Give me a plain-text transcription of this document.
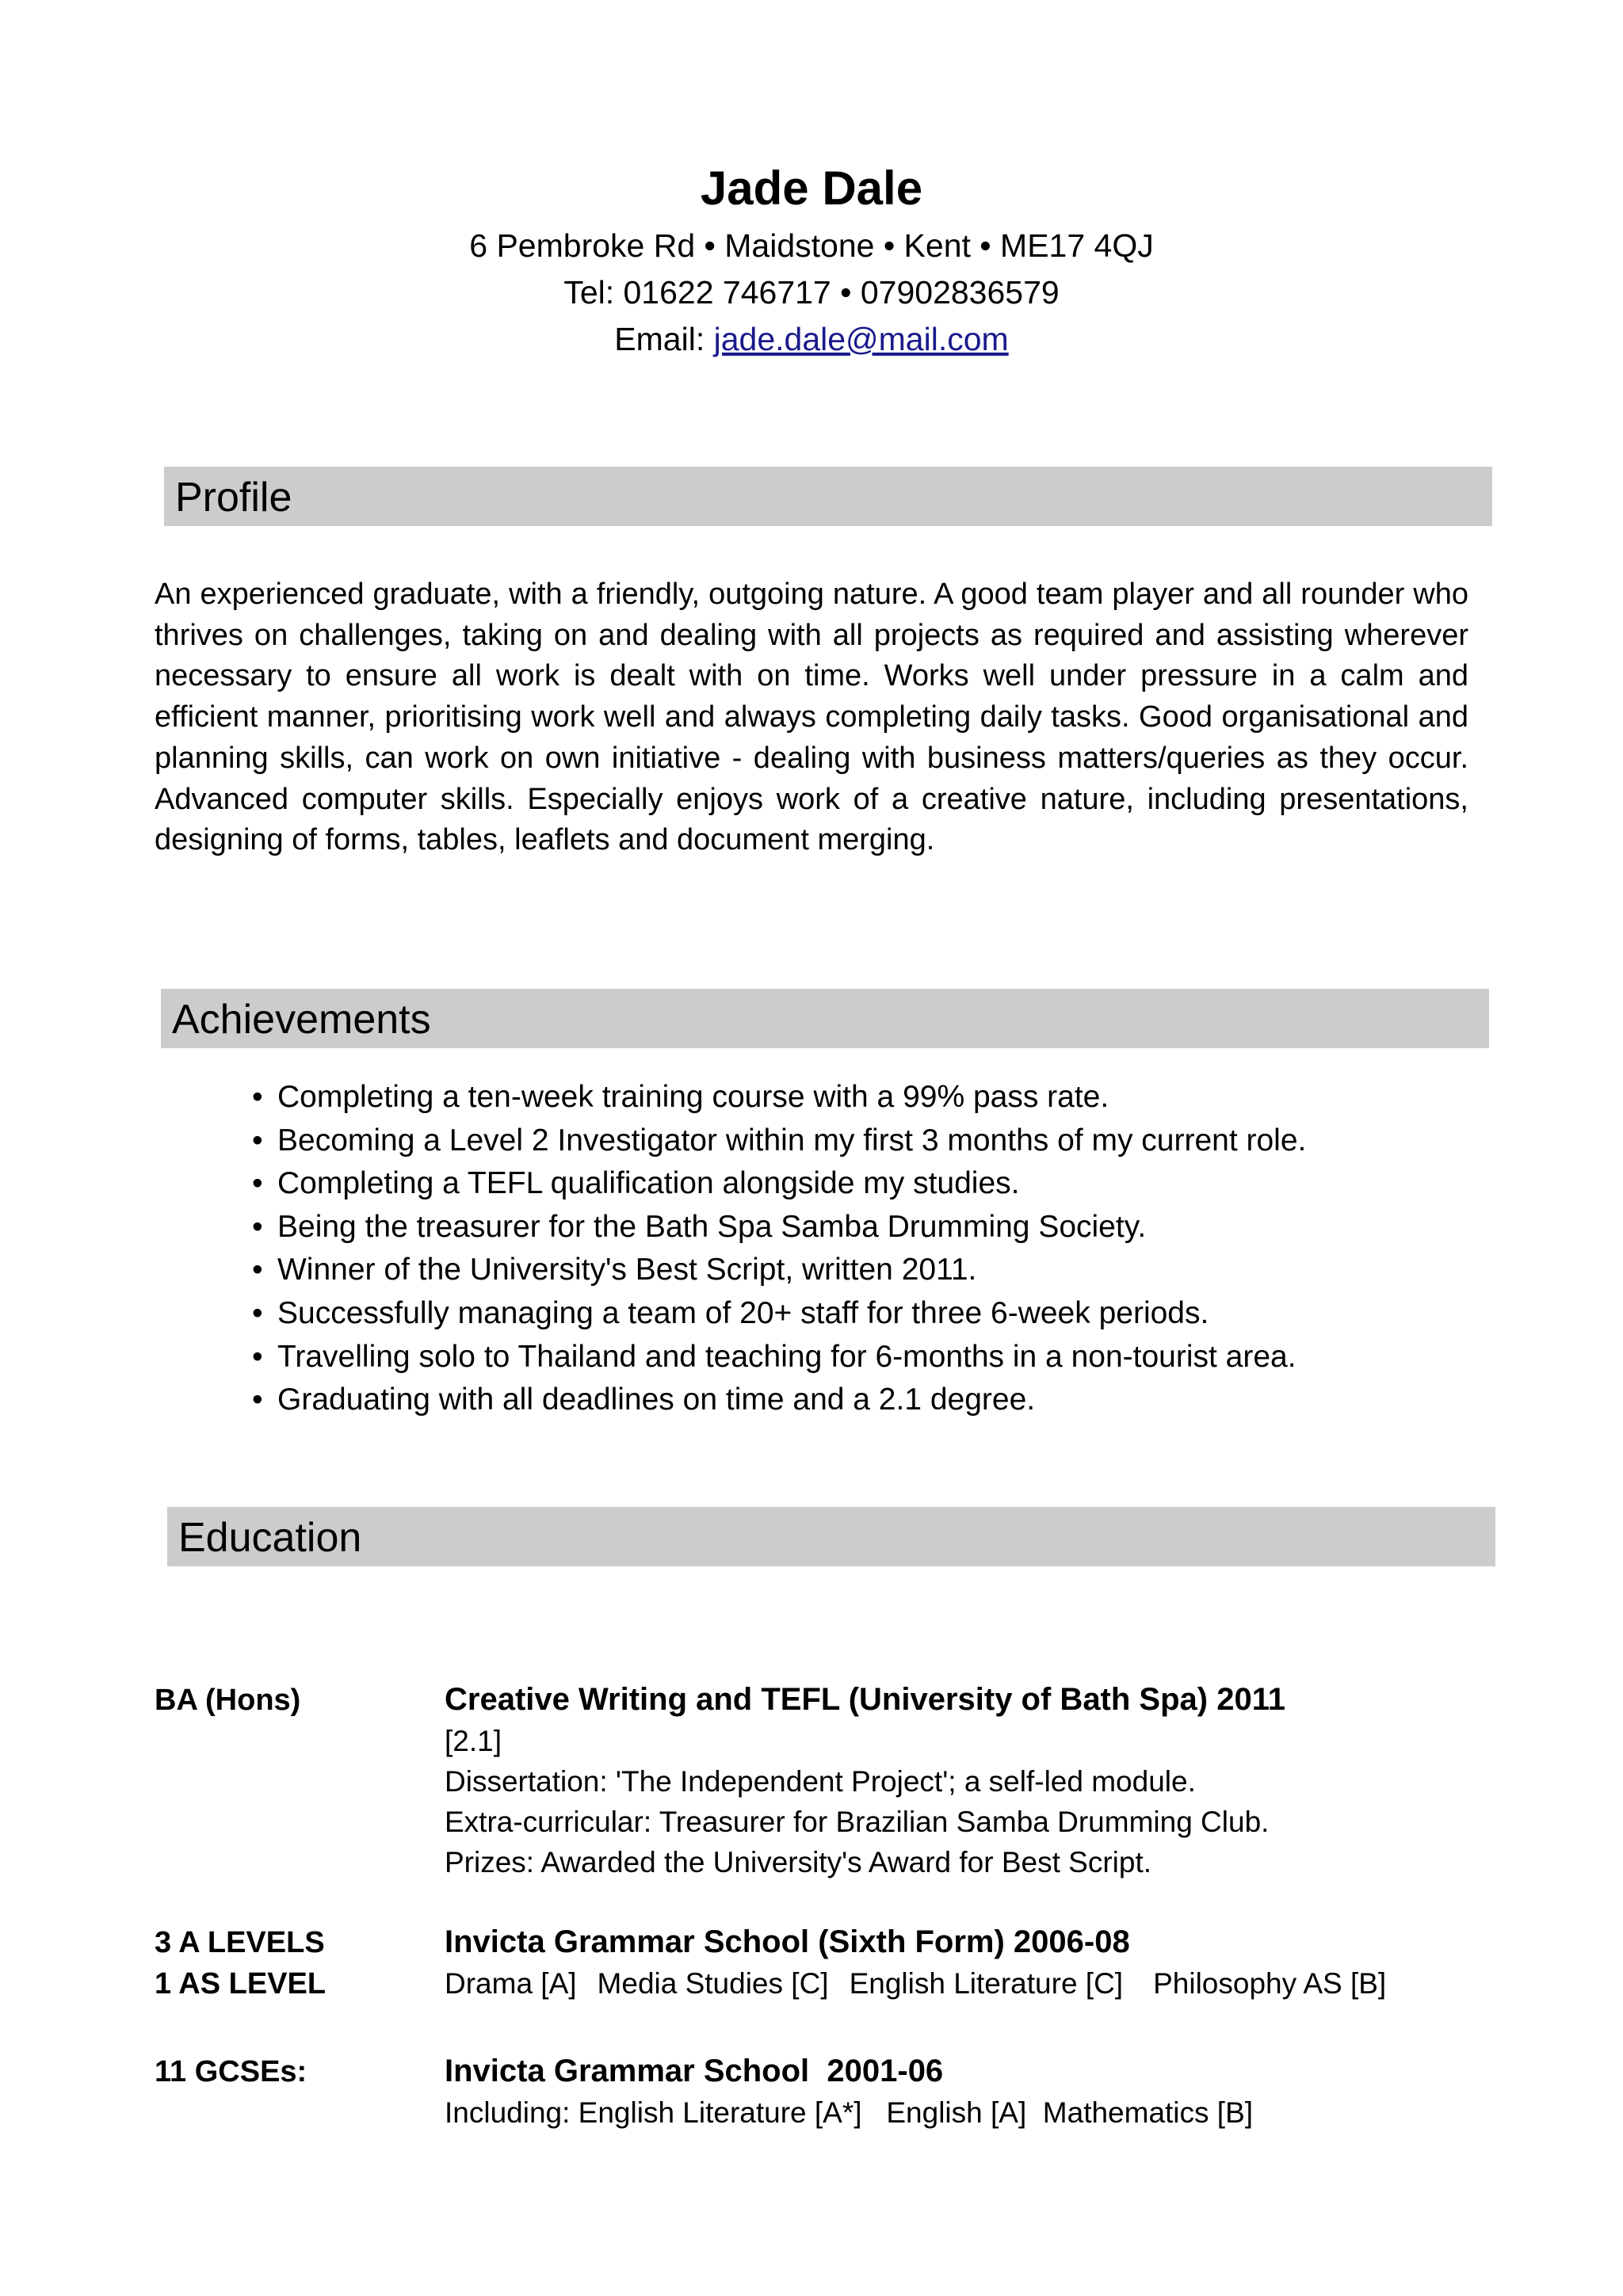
Jade Dale

6 Pembroke Rd • Maidstone • Kent • ME17 4QJ

Tel: 01622 746717 • 07902836579

Email: jade.dale@mail.com

Profile

An experienced graduate, with a friendly, outgoing nature. A good team player and all rounder who thrives on challenges, taking on and dealing with all projects as required and assisting wherever necessary to ensure all work is dealt with on time. Works well under pressure in a calm and efficient manner, prioritising work well and always completing daily tasks. Good organisational and planning skills, can work on own initiative - dealing with business matters/queries as they occur. Advanced computer skills. Especially enjoys work of a creative nature, including presentations, designing of forms, tables, leaflets and document merging.

Achievements
• Completing a ten-week training course with a 99% pass rate.
• Becoming a Level 2 Investigator within my first 3 months of my current role.
• Completing a TEFL qualification alongside my studies.
• Being the treasurer for the Bath Spa Samba Drumming Society.
• Winner of the University's Best Script, written 2011.
• Successfully managing a team of 20+ staff for three 6-week periods.
• Travelling solo to Thailand and teaching for 6-months in a non-tourist area.
• Graduating with all deadlines on time and a 2.1 degree.
Education
BA (Hons)	Creative Writing and TEFL (University of Bath Spa) 2011
[2.1]
Dissertation: 'The Independent Project'; a self-led module.
Extra-curricular: Treasurer for Brazilian Samba Drumming Club.
Prizes: Awarded the University's Award for Best Script.
3 A LEVELS
1 AS LEVEL
Invicta Grammar School (Sixth Form) 2006-08
Drama [A] Media Studies [C] English Literature [C] Philosophy AS [B]
11 GCSEs:	Invicta Grammar School  2001-06
Including: English Literature [A*]   English [A]  Mathematics [B]
